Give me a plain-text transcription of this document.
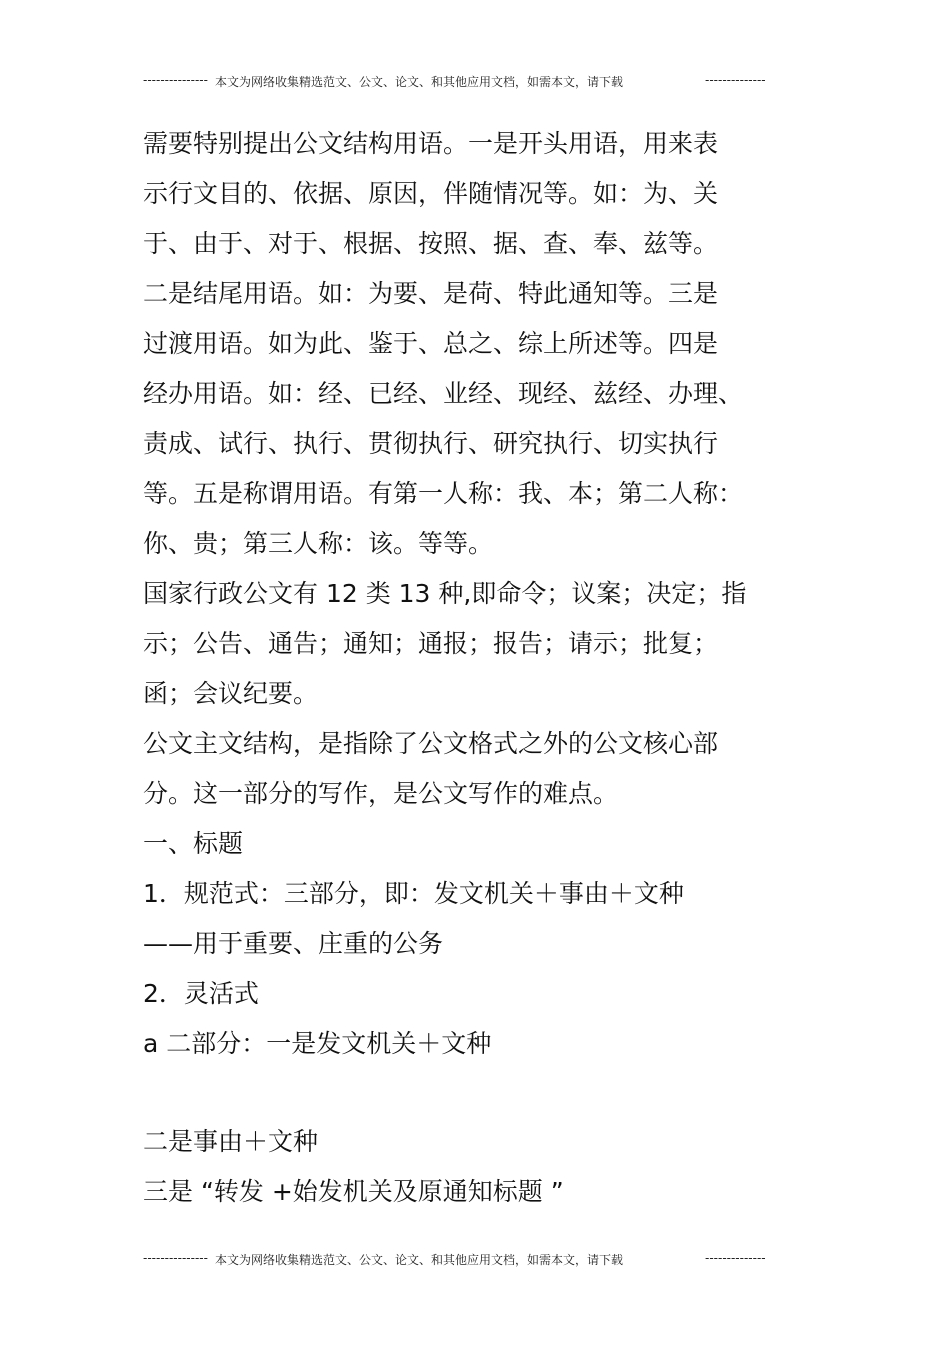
--------------- 本文为网络收集精选范文、公文、论文、和其他应用文档，如需本文，请下载	--------------
需要特别提出公文结构用语。一是开头用语，用来表
示行文目的、依据、原因，伴随情况等。如：为、关
于、由于、对于、根据、按照、据、查、奉、兹等。
二是结尾用语。如：为要、是荷、特此通知等。三是
过渡用语。如为此、鉴于、总之、综上所述等。四是
经办用语。如：经、已经、业经、现经、兹经、办理、
责成、试行、执行、贯彻执行、研究执行、切实执行
等。五是称谓用语。有第一人称：我、本；第二人称：
你、贵；第三人称：该。等等。
国家行政公文有 12 类 13 种,即命令；议案；决定；指
示；公告、通告；通知；通报；报告；请示；批复；
函；会议纪要。
公文主文结构，是指除了公文格式之外的公文核心部
分。这一部分的写作，是公文写作的难点。
一、标题
1．规范式：三部分，即：发文机关＋事由＋文种
——用于重要、庄重的公务
2．灵活式
a 二部分：一是发文机关＋文种
二是事由＋文种
三是 “转发 +始发机关及原通知标题 ”
--------------- 本文为网络收集精选范文、公文、论文、和其他应用文档，如需本文，请下载	--------------
